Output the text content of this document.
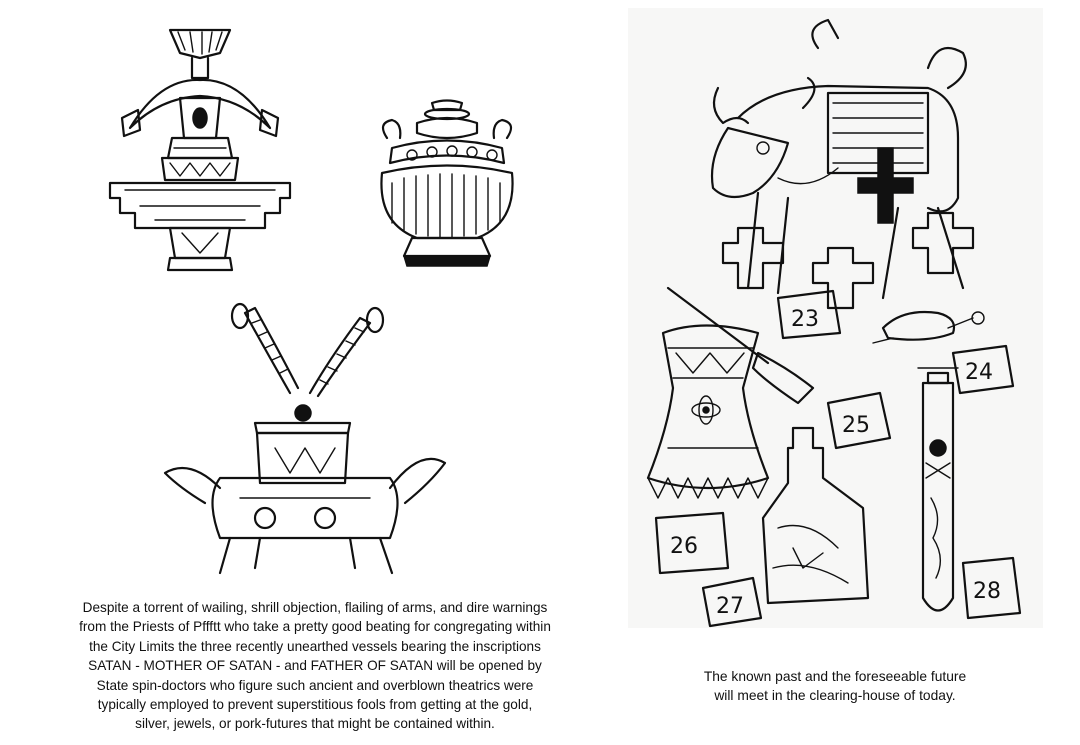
Despite a torrent of wailing, shrill objection, flailing of arms, and dire warnings
from the Priests of Pffftt who take a pretty good beating for congregating within
the City Limits the three recently unearthed vessels bearing the inscriptions
SATAN - MOTHER OF SATAN - and FATHER OF SATAN will be opened by
State spin-doctors who figure such ancient and overblown theatrics were
typically employed to prevent superstitious fools from getting at the gold,
silver, jewels, or pork-futures that might be contained within.
23
24
25
26
27
28
The known past and the foreseeable future
will meet in the clearing-house of today.
